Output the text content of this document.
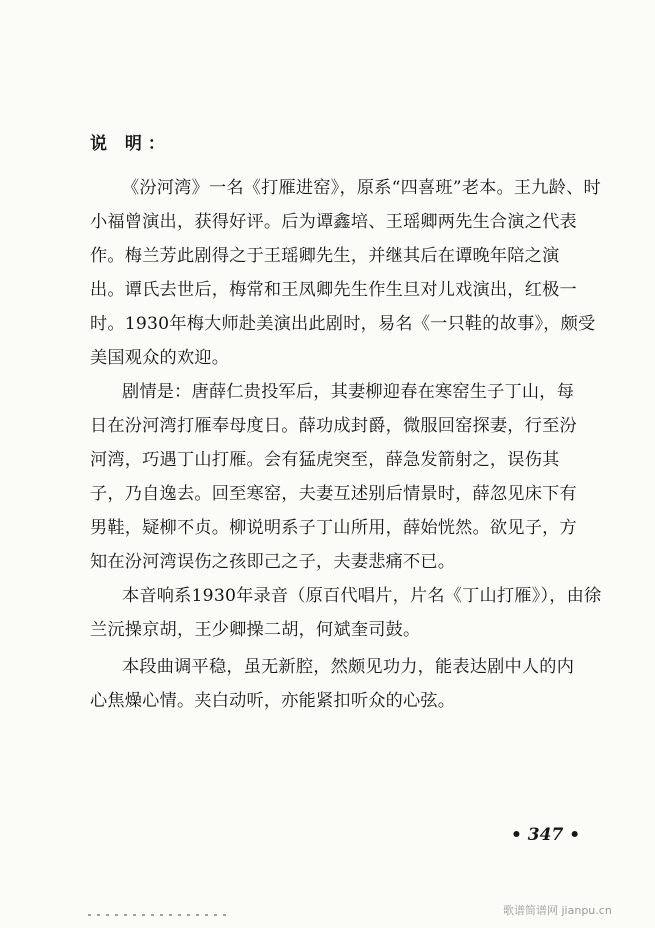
说 明：
《汾河湾》一名《打雁进窑》，原系“四喜班”老本。王九龄、时
小福曾演出，获得好评。后为谭鑫培、王瑶卿两先生合演之代表
作。梅兰芳此剧得之于王瑶卿先生，并继其后在谭晚年陪之演
出。谭氏去世后，梅常和王凤卿先生作生旦对儿戏演出，红极一
时。1930年梅大师赴美演出此剧时，易名《一只鞋的故事》，颇受
美国观众的欢迎。
剧情是：唐薛仁贵投军后，其妻柳迎春在寒窑生子丁山，每
日在汾河湾打雁奉母度日。薛功成封爵，微服回窑探妻，行至汾
河湾，巧遇丁山打雁。会有猛虎突至，薛急发箭射之，误伤其
子，乃自逸去。回至寒窑，夫妻互述别后情景时，薛忽见床下有
男鞋，疑柳不贞。柳说明系子丁山所用，薛始恍然。欲见子，方
知在汾河湾误伤之孩即己之子，夫妻悲痛不已。
本音响系1930年录音（原百代唱片，片名《丁山打雁》），由徐
兰沅操京胡，王少卿操二胡，何斌奎司鼓。
本段曲调平稳，虽无新腔，然颇见功力，能表达剧中人的内
心焦燥心情。夹白动听，亦能紧扣听众的心弦。
• 347 •
歌谱简谱网 jianpu.cn
